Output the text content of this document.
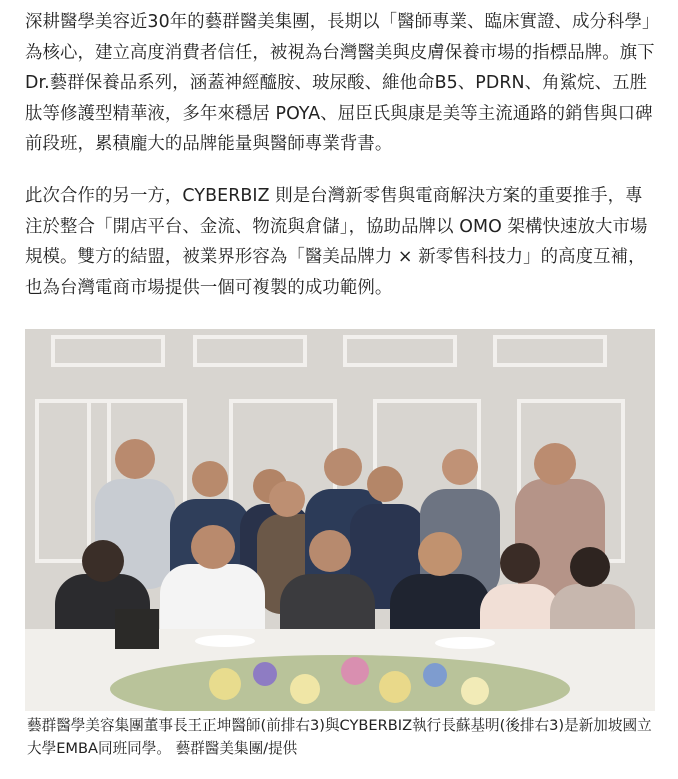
深耕醫學美容近30年的藝群醫美集團，長期以「醫師專業、臨床實證、成分科學」為核心，建立高度消費者信任，被視為台灣醫美與皮膚保養市場的指標品牌。旗下 Dr.藝群保養品系列，涵蓋神經醯胺、玻尿酸、維他命B5、PDRN、角鯊烷、五胜肽等修護型精華液，多年來穩居 POYA、屈臣氏與康是美等主流通路的銷售與口碑前段班，累積龐大的品牌能量與醫師專業背書。

此次合作的另一方，CYBERBIZ 則是台灣新零售與電商解決方案的重要推手，專注於整合「開店平台、金流、物流與倉儲」，協助品牌以 OMO 架構快速放大市場規模。雙方的結盟，被業界形容為「醫美品牌力 × 新零售科技力」的高度互補，也為台灣電商市場提供一個可複製的成功範例。

藝群醫學美容集團董事長王正坤醫師(前排右3)與CYBERBIZ執行長蘇基明(後排右3)是新加坡國立大學EMBA同班同學。 藝群醫美集團/提供
